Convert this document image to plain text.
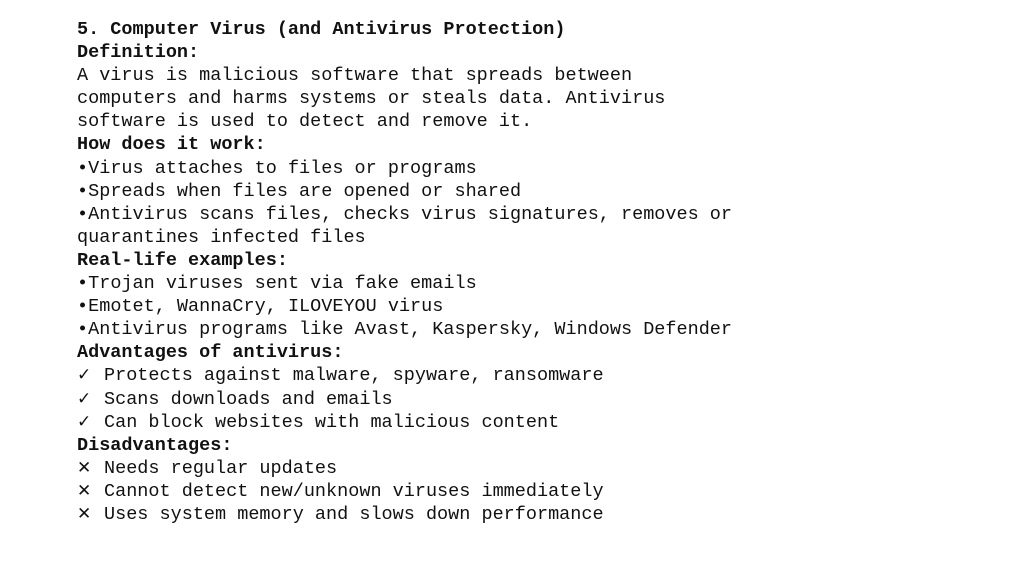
5. Computer Virus (and Antivirus Protection)
Definition:
A virus is malicious software that spreads between
computers and harms systems or steals data. Antivirus
software is used to detect and remove it.
How does it work:
•Virus attaches to files or programs
•Spreads when files are opened or shared
•Antivirus scans files, checks virus signatures, removes or
quarantines infected files
Real-life examples:
•Trojan viruses sent via fake emails
•Emotet, WannaCry, ILOVEYOU virus
•Antivirus programs like Avast, Kaspersky, Windows Defender
Advantages of antivirus:
✓ Protects against malware, spyware, ransomware
✓ Scans downloads and emails
✓ Can block websites with malicious content
Disadvantages:
✕ Needs regular updates
✕ Cannot detect new/unknown viruses immediately
✕ Uses system memory and slows down performance
